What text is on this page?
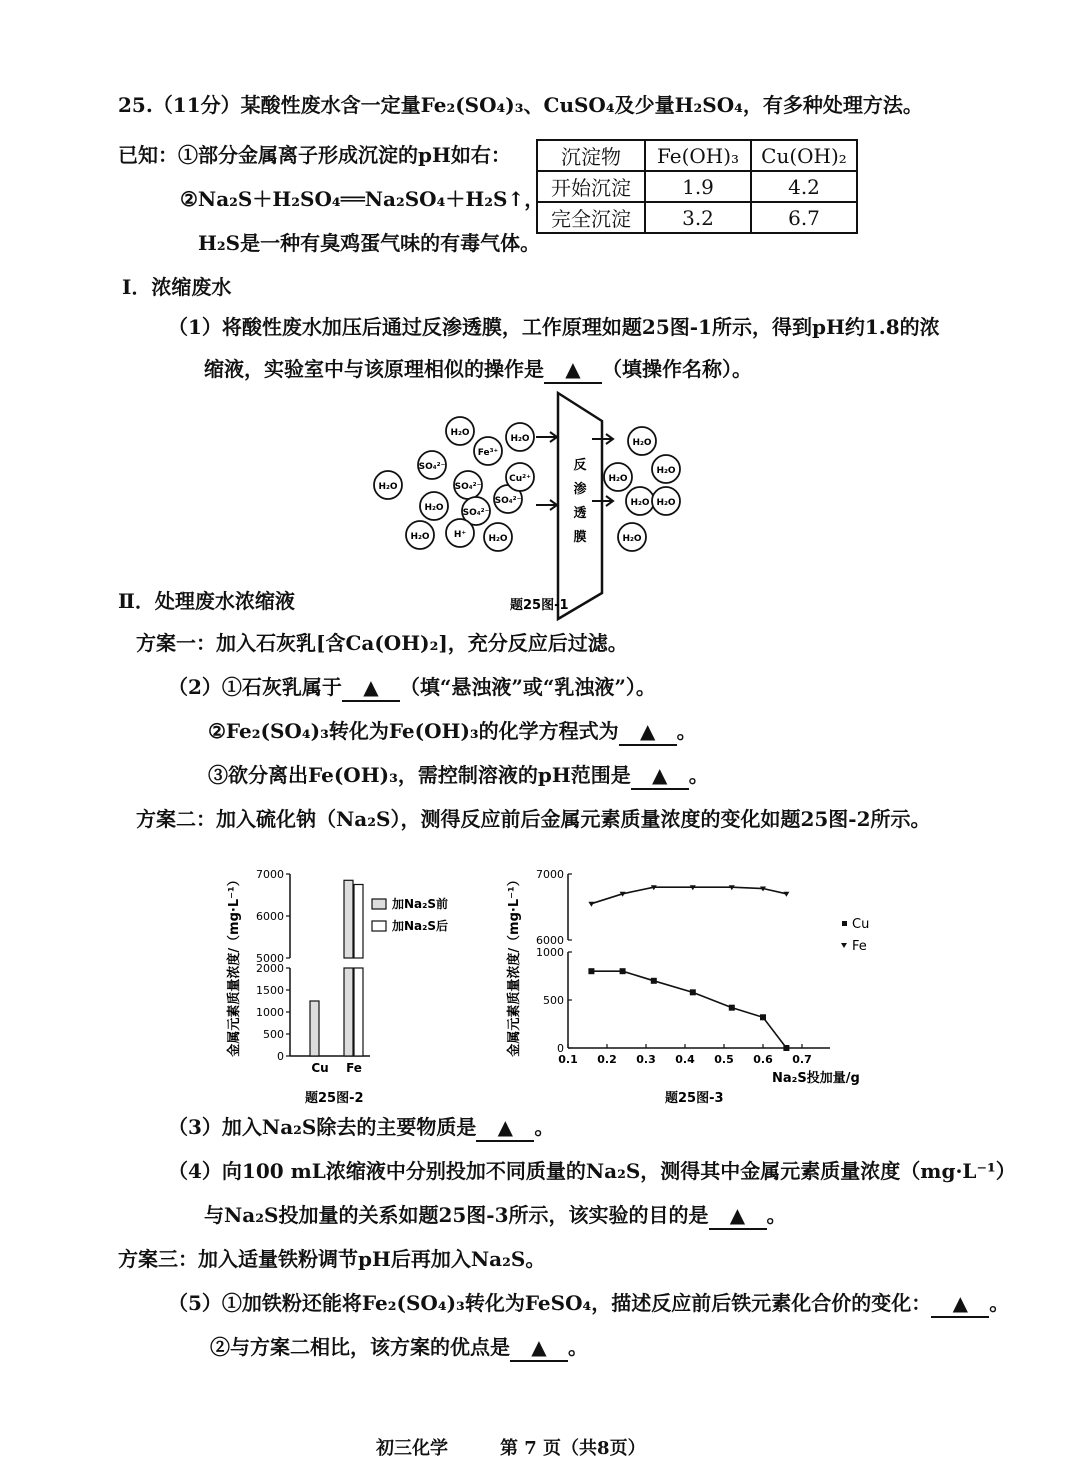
25.（11分）某酸性废水含一定量Fe₂(SO₄)₃、CuSO₄及少量H₂SO₄，有多种处理方法。
已知：①部分金属离子形成沉淀的pH如右：
②Na₂S＋H₂SO₄══Na₂SO₄＋H₂S↑，
H₂S是一种有臭鸡蛋气味的有毒气体。
沉淀物	Fe(OH)₃	Cu(OH)₂
开始沉淀	1.9	4.2
完全沉淀	3.2	6.7
Ⅰ．浓缩废水
（1）将酸性废水加压后通过反渗透膜，工作原理如题25图-1所示，得到pH约1.8的浓
缩液，实验室中与该原理相似的操作是 ▲ （填操作名称）。
反
渗
透
膜
H₂O
SO₄²⁻
Fe³⁺
H₂O
H₂O
SO₄²⁻
SO₄²⁻
Cu²⁺
H₂O SO₄²⁻
H⁺ H₂O
H₂O
H₂O
H₂O
H₂O
H₂O H₂O
H₂O
题25图-1
Ⅱ．处理废水浓缩液
方案一：加入石灰乳[含Ca(OH)₂]，充分反应后过滤。
（2）①石灰乳属于 ▲ （填“悬浊液”或“乳浊液”）。
②Fe₂(SO₄)₃转化为Fe(OH)₃的化学方程式为 ▲ 。
③欲分离出Fe(OH)₃，需控制溶液的pH范围是 ▲ 。
方案二：加入硫化钠（Na₂S），测得反应前后金属元素质量浓度的变化如题25图-2所示。
金属元素质量浓度/（mg·L⁻¹）	0
500
1000
1500
2000
5000
6000
7000
Cu Fe
加Na₂S前
加Na₂S后
题25图-2
金属元素质量浓度/（mg·L⁻¹）	0
500
1000
6000
7000
0.1 0.2 0.3 0.4 0.5 0.6 0.7
Na₂S投加量/g
Cu
Fe
题25图-3
（3）加入Na₂S除去的主要物质是 ▲ 。
（4）向100 mL浓缩液中分别投加不同质量的Na₂S，测得其中金属元素质量浓度（mg·L⁻¹）
与Na₂S投加量的关系如题25图-3所示，该实验的目的是 ▲ 。
方案三：加入适量铁粉调节pH后再加入Na₂S。
（5）①加铁粉还能将Fe₂(SO₄)₃转化为FeSO₄，描述反应前后铁元素化合价的变化： ▲ 。
②与方案二相比，该方案的优点是 ▲ 。
初三化学	第 7 页（共8页）
